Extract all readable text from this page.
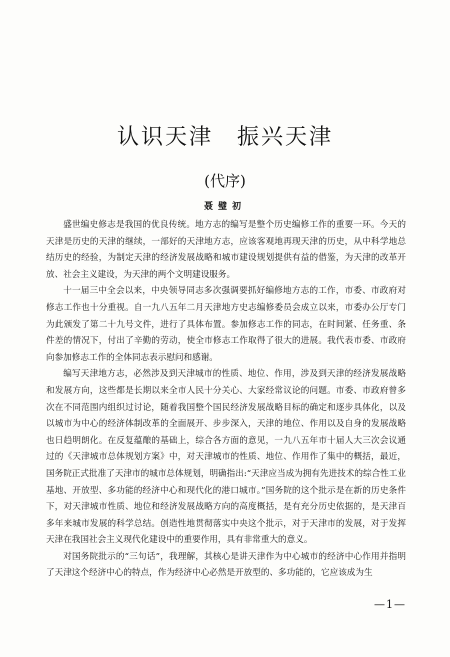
认识天津　振兴天津
(代序)
聂璧初

盛世编史修志是我国的优良传统。地方志的编写是整个历史编修工作的重要一环。今天的天津是历史的天津的继续，一部好的天津地方志，应该客观地再现天津的历史，从中科学地总结历史的经验，为制定天津的经济发展战略和城市建设规划提供有益的借鉴，为天津的改革开放、社会主义建设，为天津的两个文明建设服务。

十一届三中全会以来，中央领导同志多次强调要抓好编修地方志的工作，市委、市政府对修志工作也十分重视。自一九八五年二月天津地方史志编修委员会成立以来，市委办公厅专门为此颁发了第二十九号文件，进行了具体布置。参加修志工作的同志，在时间紧、任务重、条件差的情况下，付出了辛勤的劳动，使全市修志工作取得了很大的进展。我代表市委、市政府向参加修志工作的全体同志表示慰问和感谢。

编写天津地方志，必然涉及到天津城市的性质、地位、作用，涉及到天津的经济发展战略和发展方向，这些都是长期以来全市人民十分关心、大家经常议论的问题。市委、市政府曾多次在不同范围内组织过讨论，随着我国整个国民经济发展战略目标的确定和逐步具体化，以及以城市为中心的经济体制改革的全面展开、步步深入，天津的地位、作用以及自身的发展战略也日趋明朗化。在反复蕴酿的基础上，综合各方面的意见，一九八五年市十届人大三次会议通过的《天津城市总体规划方案》中，对天津城市的性质、地位、作用作了集中的概括，最近，国务院正式批准了天津市的城市总体规划，明确指出:“天津应当成为拥有先进技术的综合性工业基地、开放型、多功能的经济中心和现代化的港口城市。”国务院的这个批示是在新的历史条件下，对天津城市性质、地位和经济发展战略方向的高度概括，是有充分历史依据的，是天津百多年来城市发展的科学总结。创造性地贯彻落实中央这个批示，对于天津市的发展，对于发挥天津在我国社会主义现代化建设中的重要作用，具有非常重大的意义。

对国务院批示的“三句话”，我理解，其核心是讲天津作为中心城市的经济中心作用并指明了天津这个经济中心的特点，作为经济中心必然是开放型的、多功能的，它应该成为生

—1—
